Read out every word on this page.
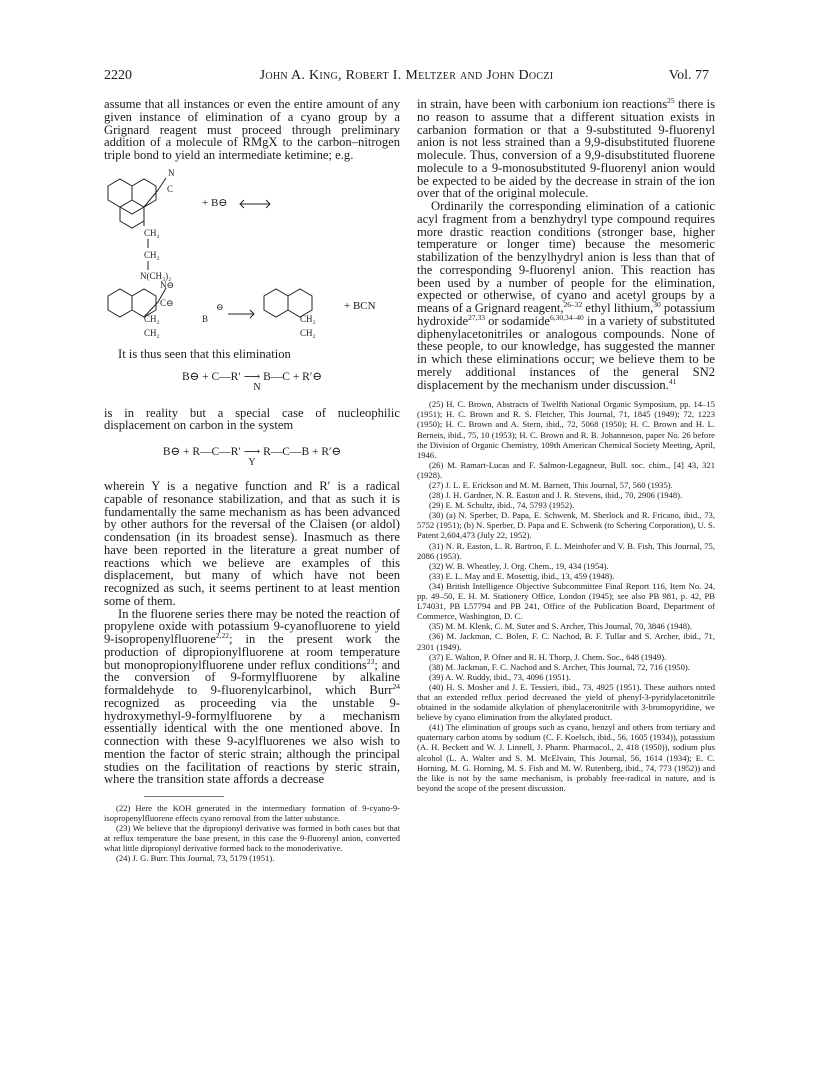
2220	John A. King, Robert I. Meltzer and John Doczi	Vol. 77

assume that all instances or even the entire amount of any given instance of elimination of a cyano group by a Grignard reagent must proceed through preliminary addition of a molecule of RMgX to the carbon–nitrogen triple bond to yield an intermediate ketimine; e.g.

C
N
CH₂
CH₂
N(CH₃)₂
+ B⊖
N⊖
C⊖
CH₂
CH₂
B
⊖
CH₂
CH₂
+ BCN

It is thus seen that this elimination

B⊖ + C—R′ ⟶ B—C + R′⊖
N

is in reality but a special case of nucleophilic displacement on carbon in the system

B⊖ + R—C—R′ ⟶ R—C—B + R′⊖
Y

wherein Y is a negative function and R′ is a radical capable of resonance stabilization, and that as such it is fundamentally the same mechanism as has been advanced by other authors for the reversal of the Claisen (or aldol) condensation (in its broadest sense). Inasmuch as there have been reported in the literature a great number of reactions which we believe are examples of this displacement, but many of which have not been recognized as such, it seems pertinent to at least mention some of them.

In the fluorene series there may be noted the reaction of propylene oxide with potassium 9-cyanofluorene to yield 9-isopropenylfluorene$^{2,22}$; in the present work the production of dipropionylfluorene at room temperature but monopropionylfluorene under reflux conditions$^{23}$; and the conversion of 9-formylfluorene by alkaline formaldehyde to 9-fluorenylcarbinol, which Burr$^{24}$ recognized as proceeding via the unstable 9-hydroxymethyl-9-formylfluorene by a mechanism essentially identical with the one mentioned above. In connection with these 9-acylfluorenes we also wish to mention the factor of steric strain; although the principal studies on the facilitation of reactions by steric strain, where the transition state affords a decrease

(22) Here the KOH generated in the intermediary formation of 9-cyano-9-isopropenylfluorene effects cyano removal from the latter substance.

(23) We believe that the dipropionyl derivative was formed in both cases but that at reflux temperature the base present, in this case the 9-fluorenyl anion, converted what little dipropionyl derivative formed back to the monoderivative.

(24) J. G. Burr. This Journal, 73, 5179 (1951).

in strain, have been with carbonium ion reactions$^{25}$ there is no reason to assume that a different situation exists in carbanion formation or that a 9-substituted 9-fluorenyl anion is not less strained than a 9,9-disubstituted fluorene molecule. Thus, conversion of a 9,9-disubstituted fluorene molecule to a 9-monosubstituted 9-fluorenyl anion would be expected to be aided by the decrease in strain of the ion over that of the original molecule.

Ordinarily the corresponding elimination of a cationic acyl fragment from a benzhydryl type compound requires more drastic reaction conditions (stronger base, higher temperature or longer time) because the mesomeric stabilization of the benzylhydryl anion is less than that of the corresponding 9-fluorenyl anion. This reaction has been used by a number of people for the elimination, expected or otherwise, of cyano and acetyl groups by a means of a Grignard reagent,$^{26-32}$ ethyl lithium,$^{30}$ potassium hydroxide$^{27,33}$ or sodamide$^{6,30,34-40}$ in a variety of substituted diphenylacetonitriles or analogous compounds. None of these people, to our knowledge, has suggested the manner in which these eliminations occur; we believe them to be merely additional instances of the general SN2 displacement by the mechanism under discussion.$^{41}$

(25) H. C. Brown, Abstracts of Twelfth National Organic Symposium, pp. 14–15 (1951); H. C. Brown and R. S. Fletcher, This Journal, 71, 1845 (1949); 72, 1223 (1950); H. C. Brown and A. Stern, ibid., 72, 5068 (1950); H. C. Brown and H. L. Berneis, ibid., 75, 10 (1953); H. C. Brown and R. B. Johanneson, paper No. 26 before the Division of Organic Chemistry, 109th American Chemical Society Meeting, April, 1946.

(26) M. Ramart-Lucas and F. Salmon-Legagneur, Bull. soc. chim., [4] 43, 321 (1928).

(27) J. L. E. Erickson and M. M. Barnett, This Journal, 57, 560 (1935).

(28) J. H. Gardner, N. R. Easton and J. R. Stevens, ibid., 70, 2906 (1948).

(29) E. M. Schultz, ibid., 74, 5793 (1952).

(30) (a) N. Sperber, D. Papa, E. Schwenk, M. Sherlock and R. Fricano, ibid., 73, 5752 (1951); (b) N. Sperber, D. Papa and E. Schwenk (to Schering Corporation), U. S. Patent 2,604,473 (July 22, 1952).

(31) N. R. Easton, L. R. Bartron, F. L. Meinhofer and V. B. Fish, This Journal, 75, 2086 (1953).

(32) W. B. Wheatley, J. Org. Chem., 19, 434 (1954).

(33) E. L. May and E. Mosettig, ibid., 13, 459 (1948).

(34) British Intelligence Objective Subcommittee Final Report 116, Item No. 24, pp. 49–50, E. H. M. Stationery Office, London (1945); see also PB 981, p. 42, PB L74031, PB L57794 and PB 241, Office of the Publication Board, Department of Commerce, Washington, D. C.

(35) M. M. Klenk, C. M. Suter and S. Archer, This Journal, 70, 3846 (1948).

(36) M. Jackman, C. Bolen, F. C. Nachod, B. F. Tullar and S. Archer, ibid., 71, 2301 (1949).

(37) E. Walton, P. Ofner and R. H. Thorp, J. Chem. Soc., 648 (1949).

(38) M. Jackman, F. C. Nachod and S. Archer, This Journal, 72, 716 (1950).

(39) A. W. Ruddy, ibid., 73, 4096 (1951).

(40) H. S. Mosher and J. E. Tessieri, ibid., 73, 4925 (1951). These authors noted that an extended reflux period decreased the yield of phenyl-3-pyridylacetonitrile obtained in the sodamide alkylation of phenylacetonitrile with 3-bromopyridine, we believe by cyano elimination from the alkylated product.

(41) The elimination of groups such as cyano, benzyl and others from tertiary and quaternary carbon atoms by sodium (C. F. Koelsch, ibid., 56, 1605 (1934)), potassium (A. H. Beckett and W. J. Linnell, J. Pharm. Pharmacol., 2, 418 (1950)), sodium plus alcohol (L. A. Walter and S. M. McElvain, This Journal, 56, 1614 (1934); E. C. Horning, M. G. Horning, M. S. Fish and M. W. Rutenberg, ibid., 74, 773 (1952)) and the like is not by the same mechanism, is probably free-radical in nature, and is beyond the scope of the present discussion.
